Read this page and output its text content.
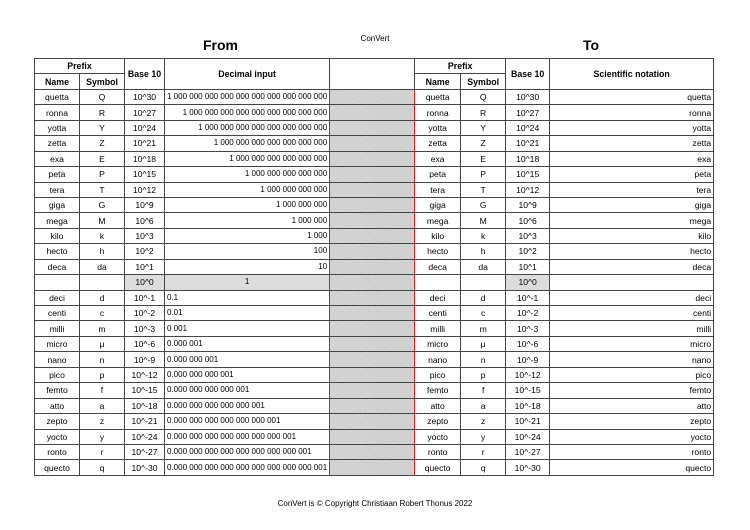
ConVert
From	To
Prefix		Base 10	Decimal input		Prefix		Base 10	Scientific notation
Name	Symbol				Name	Symbol		
quetta	Q	10^30	1 000 000 000 000 000 000 000 000 000 000		quetta	Q	10^30	quetta
ronna	R	10^27	1 000 000 000 000 000 000 000 000 000		ronna	R	10^27	ronna
yotta	Y	10^24	1 000 000 000 000 000 000 000 000		yotta	Y	10^24	yotta
zetta	Z	10^21	1 000 000 000 000 000 000 000		zetta	Z	10^21	zetta
exa	E	10^18	1 000 000 000 000 000 000		exa	E	10^18	exa
peta	P	10^15	1 000 000 000 000 000		peta	P	10^15	peta
tera	T	10^12	1 000 000 000 000		tera	T	10^12	tera
giga	G	10^9	1 000 000 000		giga	G	10^9	giga
mega	M	10^6	1 000 000		mega	M	10^6	mega
kilo	k	10^3	1 000		kilo	k	10^3	kilo
hecto	h	10^2	100		hecto	h	10^2	hecto
deca	da	10^1	10		deca	da	10^1	deca
		10^0	1				10^0	
deci	d	10^-1	0.1		deci	d	10^-1	deci
centi	c	10^-2	0.01		centi	c	10^-2	centi
milli	m	10^-3	0 001		milli	m	10^-3	milli
micro	μ	10^-6	0.000 001		micro	μ	10^-6	micro
nano	n	10^-9	0.000 000 001		nano	n	10^-9	nano
pico	p	10^-12	0.000 000 000 001		pico	p	10^-12	pico
femto	f	10^-15	0.000 000 000 000 001		femto	f	10^-15	femto
atto	a	10^-18	0.000 000 000 000 000 001		atto	a	10^-18	atto
zepto	z	10^-21	0.000 000 000 000 000 000 001		zepto	z	10^-21	zepto
yocto	y	10^-24	0.000 000 000 000 000 000 000 001		yocto	y	10^-24	yocto
ronto	r	10^-27	0.000 000 000 000 000 000 000 000 001		ronto	r	10^-27	ronto
quecto	q	10^-30	0.000 000 000 000 000 000 000 000 000 001		quecto	q	10^-30	quecto
ConVert is © Copyright Christiaan Robert Thonus 2022
